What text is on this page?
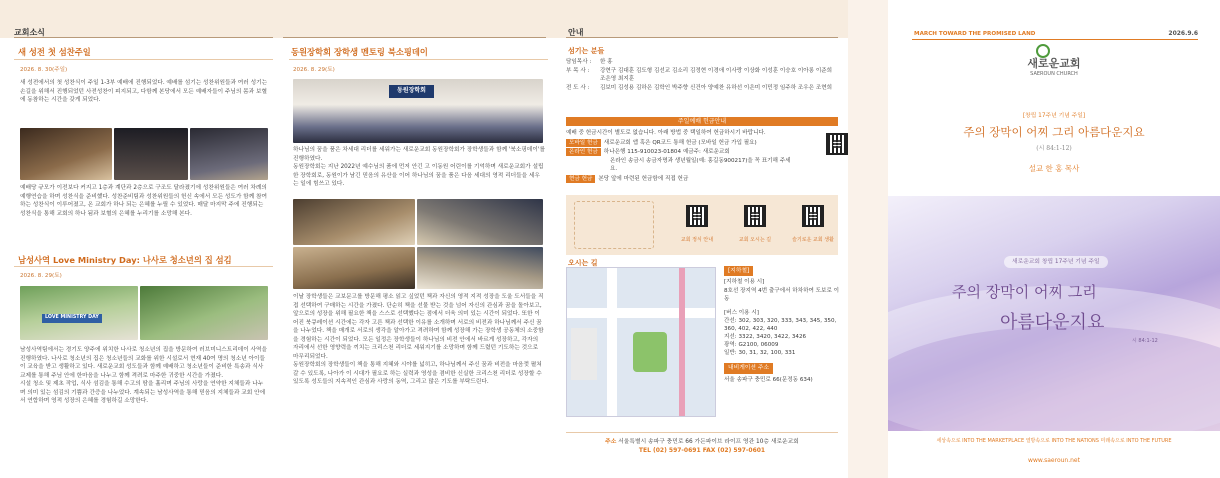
교회소식
새 성전 첫 섬찬주일
2026. 8. 30(주일)
새 성전에서의 첫 성찬식이 주일 1-3부 예배에 진행되었다. 예배를 섬기는 성찬위원들과 여러 성기는 손길을 위해서 진행되었던 사전성찬이 피지되고, 다함께 본당에서 모든 예배자들이 주님의 몸과 보혈에 동참하는 시간을 갖게 되었다.
예배당 규모가 이전보다 커지고 1층과 계단과 2층으로 구조도 달라졌기에 성찬위원들은 여러 차례의 예행연습을 하며 성찬식을 준비했다. 성찬준비팀과 성찬위원들의 헌신 속에서 모든 성도가 함께 참여하는 성찬식이 이루어졌고, 온 교회가 하나 되는 은혜를 누릴 수 있었다. 매달 마지막 주에 진행되는 성찬식을 통해 교회의 하나 됨과 보혈의 은혜를 누리기를 소망해 본다.
남성사역 Love Ministry Day: 나사로 청소년의 집 섬김
2026. 8. 29(토)
LOVE MINISTRY DAY
남성사역팀에서는 경기도 양주에 위치한 나사로 청소년의 집을 방문하여 러브미니스트리데이 사역을 진행하였다. 나사로 청소년의 집은 청소년들의 교화를 위한 시설로서 현재 40여 명의 청소년 아이들이 교육을 받고 생활하고 있다. 새로운교회 성도들과 함께 예배하고 청소년들이 준비한 특송과 식사 교제를 통해 주님 안에 한마음을 나누고 함께 격려로 마주한 귀중한 시간을 가졌다.
시설 청소 및 제초 작업, 식사 섬김을 통해 수고의 땀을 흘리며 주님의 사랑을 연약한 지체들과 나누며 의미 있는 섬김의 기쁨과 간증을 나누었다. 계속되는 남성사역을 통해 믿음의 지체들과 교회 안에서 연합하며 영적 성장의 은혜를 경험하길 소망한다.
동원장학회 장학생 멘토링 북소핑데이
2026. 8. 29(토)
동원장학회
하나님의 꿈을 품은 차세대 리더를 세워가는 새로운교회 동원장학회가 장학생들과 함께 '북소핑데이'를 진행하였다.
동원장학회는 지난 2022년 예수님의 품에 먼저 안긴 고 이동원 어린이를 기억하며 새로운교회가 설립한 장학회로, 동원이가 남긴 믿음의 유산을 이어 하나님의 꿈을 품은 다음 세대의 영적 리더들을 세우는 일에 힘쓰고 있다.
이날 장학생들은 교보문고를 방문해 평소 읽고 싶었던 책과 자신의 영적 지적 성장을 도울 도서들을 직접 선택하여 구매하는 시간을 가졌다. 단순히 책을 선물 받는 것을 넘어 자신의 관심과 꿈을 돌아보고, 앞으로의 성장을 위해 필요한 책을 스스로 선택했다는 점에서 더욱 의미 있는 시간이 되었다. 또한 이어진 북큐레이션 시간에는 각자 고른 책과 선택한 이유를 소개하며 서로의 비전과 하나님께서 주신 꿈을 나누었다. 책을 매개로 서로의 생각을 알아가고 격려하며 함께 성장해 가는 장학생 공동체의 소중함을 경험하는 시간이 되었다. 모든 일정은 장학생들이 하나님의 비전 안에서 바르게 성장하고, 각자의 자리에서 선한 영향력을 끼치는 크리스천 리더로 세워지기를 소망하며 함께 드렸던 기도하는 것으로 마무리되었다.
동원장학회의 장학생들이 책을 통해 지혜와 시야를 넓히고, 하나님께서 주신 꿈과 비전을 마음껏 펼쳐갈 수 있도록, 나아가 이 시대가 필요로 하는 실력과 영성을 겸비한 신실한 크리스천 리더로 성장할 수 있도록 성도들의 지속적인 관심과 사랑의 동역, 그리고 많은 기도를 부탁드린다.
안내
섬기는 분들
담임목사 :	한 홍
부 목 사 :	강현구 김대훈 김도형 김선교 김소리 김정현 이경애 이사랑 이상화 이성훈 이승호 이아롱 이준희 조은영 최지훈
전 도 사 :	김보미 김성용 김하은 김학인 박주향 신건아 양예찬 유하선 이은미 이민정 임주하 조우은 조현희
주일예배 헌금안내
예배 중 헌금시간이 별도로 없습니다. 아래 방법 중 택일하여 헌금하시기 바랍니다.
모바일 헌금 새로운교회 앱 혹은 QR코드 통해 헌금 (모바일 헌금 가입 필요)
온라인 헌금 하나은행 115-910023-01804 예금주: 새로운교회
온라인 송금시 송금자명과 생년월일(예: 홍길동900217)을 꼭 표기해 주세요.
현금 헌금 본당 앞에 마련된 헌금함에 직접 헌금
교회 정식 안내	교회 오시는 길	슬기로운 교회 생활
오시는 길
[지하철]
[지하철 이용 시]
8호선 장지역 4번 출구에서 하차하여 도보로 이동
[버스 이용 시]
간선: 302, 303, 320, 333, 343, 345, 350, 360, 402, 422, 440
지선: 3322, 3420, 3422, 3426
광역: G2100, 06009
일반: 30, 31, 32, 100, 331
내비게이션 주소
서울 송파구 충민로 66(문정동 634)
주소 서울특별시 송파구 충민로 66 가든파이브 라이프 영관 10층 새로운교회
TEL (02) 597-0691 FAX (02) 597-0601
MARCH TOWARD THE PROMISED LAND	2026.9.6
새로운교회
SAEROUN CHURCH
[창립 17주년 기념 주일]
주의 장막이 어찌 그리 아름다운지요
(시 84:1-12)
설교 한 홍 목사
새로운교회 창립 17주년 기념 주일
주의 장막이 어찌 그리
아름다운지요
시 84:1-12
세상속으로 INTO THE MARKETPLACE 열방속으로 INTO THE NATIONS 미래속으로 INTO THE FUTURE
www.saeroun.net
